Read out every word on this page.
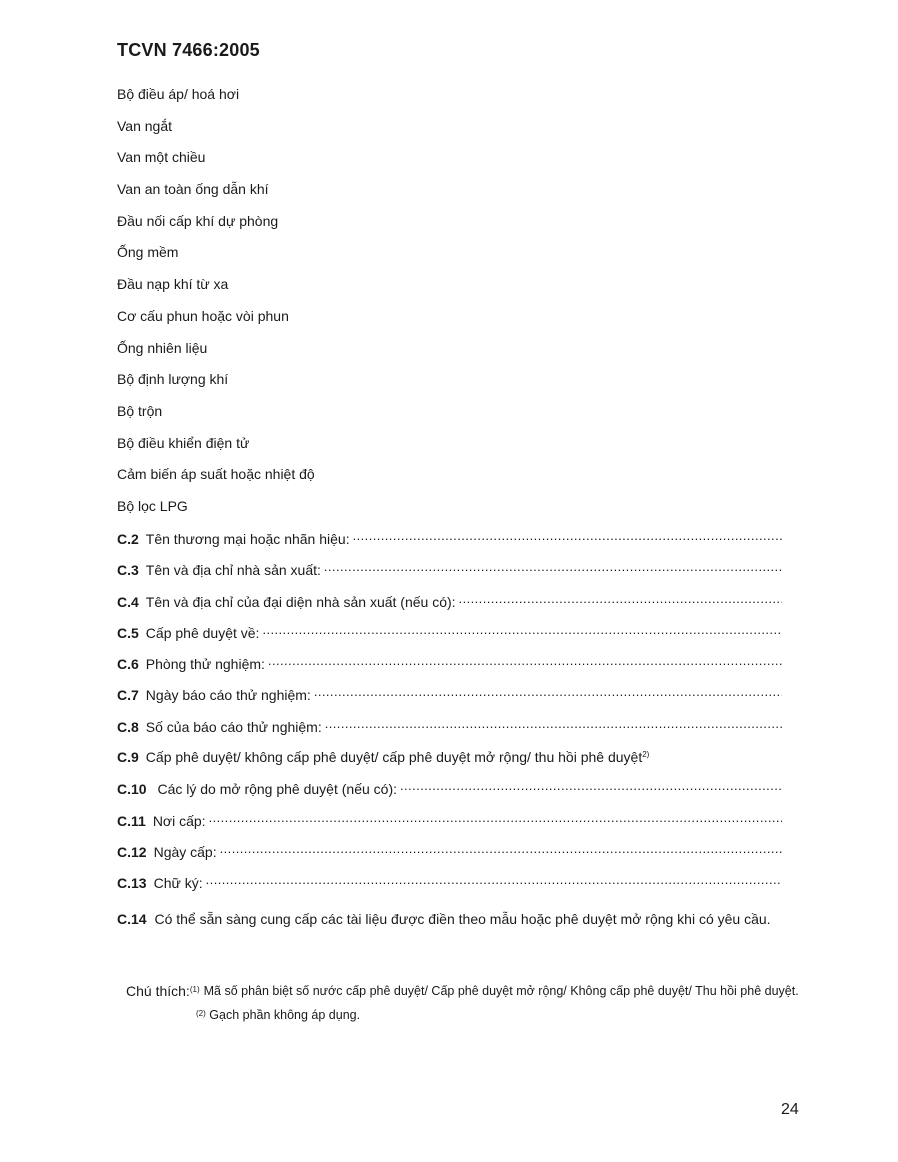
TCVN 7466:2005
Bộ điều áp/ hoá hơi
Van ngắt
Van một chiều
Van an toàn ống dẫn khí
Đầu nối cấp khí dự phòng
Ống mềm
Đầu nạp khí từ xa
Cơ cấu phun hoặc vòi phun
Ống nhiên liệu
Bộ định lượng khí
Bộ trộn
Bộ điều khiển điện tử
Cảm biến áp suất hoặc nhiệt độ
Bộ lọc LPG
C.2 Tên thương mại hoặc nhãn hiệu:
. . .
C.3 Tên và địa chỉ nhà sản xuất:
. . .
C.4 Tên và địa chỉ của đại diện nhà sản xuất (nếu có):
. . .
C.5 Cấp phê duyệt về:
. . .
C.6 Phòng thử nghiệm:
. . .
C.7 Ngày báo cáo thử nghiệm:
. . .
C.8 Số của báo cáo thử nghiệm:
. . .
C.9 Cấp phê duyệt/ không cấp phê duyệt/ cấp phê duyệt mở rộng/ thu hồi phê duyệt$^{2)}$
C.10 Các lý do mở rộng phê duyệt (nếu có):
. . .
C.11 Nơi cấp:
. . .
C.12 Ngày cấp:
. . .
C.13 Chữ ký:
. . .
C.14 Có thể sẵn sàng cung cấp các tài liệu được điền theo mẫu hoặc phê duyệt mở rộng khi có yêu cầu.
Chú thích:$^{(1)}$ Mã số phân biệt số nước cấp phê duyệt/ Cấp phê duyệt mở rộng/ Không cấp phê duyệt/ Thu hồi phê duyệt.
$^{(2)}$ Gạch phần không áp dụng.
24
